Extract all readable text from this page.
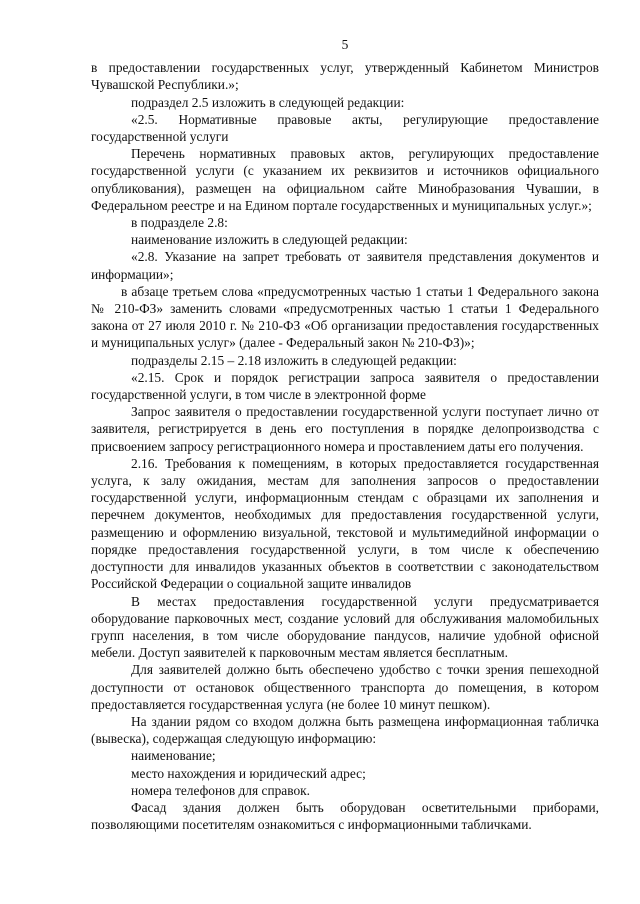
5

в предоставлении государственных услуг, утвержденный Кабинетом Министров Чувашской Республики.»;

подраздел 2.5 изложить в следующей редакции:

«2.5. Нормативные правовые акты, регулирующие предоставление государственной услуги

Перечень нормативных правовых актов, регулирующих предоставление государственной услуги (с указанием их реквизитов и источников официального опубликования), размещен на официальном сайте Минобразования Чувашии, в Федеральном реестре и на Едином портале государственных и муниципальных услуг.»;

в подразделе 2.8:

наименование изложить в следующей редакции:

«2.8. Указание на запрет требовать от заявителя представления документов и информации»;

в абзаце третьем слова «предусмотренных частью 1 статьи 1 Федерального закона № 210-ФЗ» заменить словами «предусмотренных частью 1 статьи 1 Федерального закона от 27 июля 2010 г. № 210-ФЗ «Об организации предоставления государственных и муниципальных услуг» (далее - Федеральный закон № 210-ФЗ)»;

подразделы 2.15 – 2.18 изложить в следующей редакции:

«2.15. Срок и порядок регистрации запроса заявителя о предоставлении государственной услуги, в том числе в электронной форме

Запрос заявителя о предоставлении государственной услуги поступает лично от заявителя, регистрируется в день его поступления в порядке делопроизводства с присвоением запросу регистрационного номера и проставлением даты его получения.

2.16. Требования к помещениям, в которых предоставляется государственная услуга, к залу ожидания, местам для заполнения запросов о предоставлении государственной услуги, информационным стендам с образцами их заполнения и перечнем документов, необходимых для предоставления государственной услуги, размещению и оформлению визуальной, текстовой и мультимедийной информации о порядке предоставления государственной услуги, в том числе к обеспечению доступности для инвалидов указанных объектов в соответствии с законодательством Российской Федерации о социальной защите инвалидов

В местах предоставления государственной услуги предусматривается оборудование парковочных мест, создание условий для обслуживания маломобильных групп населения, в том числе оборудование пандусов, наличие удобной офисной мебели. Доступ заявителей к парковочным местам является бесплатным.

Для заявителей должно быть обеспечено удобство с точки зрения пешеходной доступности от остановок общественного транспорта до помещения, в котором предоставляется государственная услуга (не более 10 минут пешком).

На здании рядом со входом должна быть размещена информационная табличка (вывеска), содержащая следующую информацию:

наименование;

место нахождения и юридический адрес;

номера телефонов для справок.

Фасад здания должен быть оборудован осветительными приборами, позволяющими посетителям ознакомиться с информационными табличками.
